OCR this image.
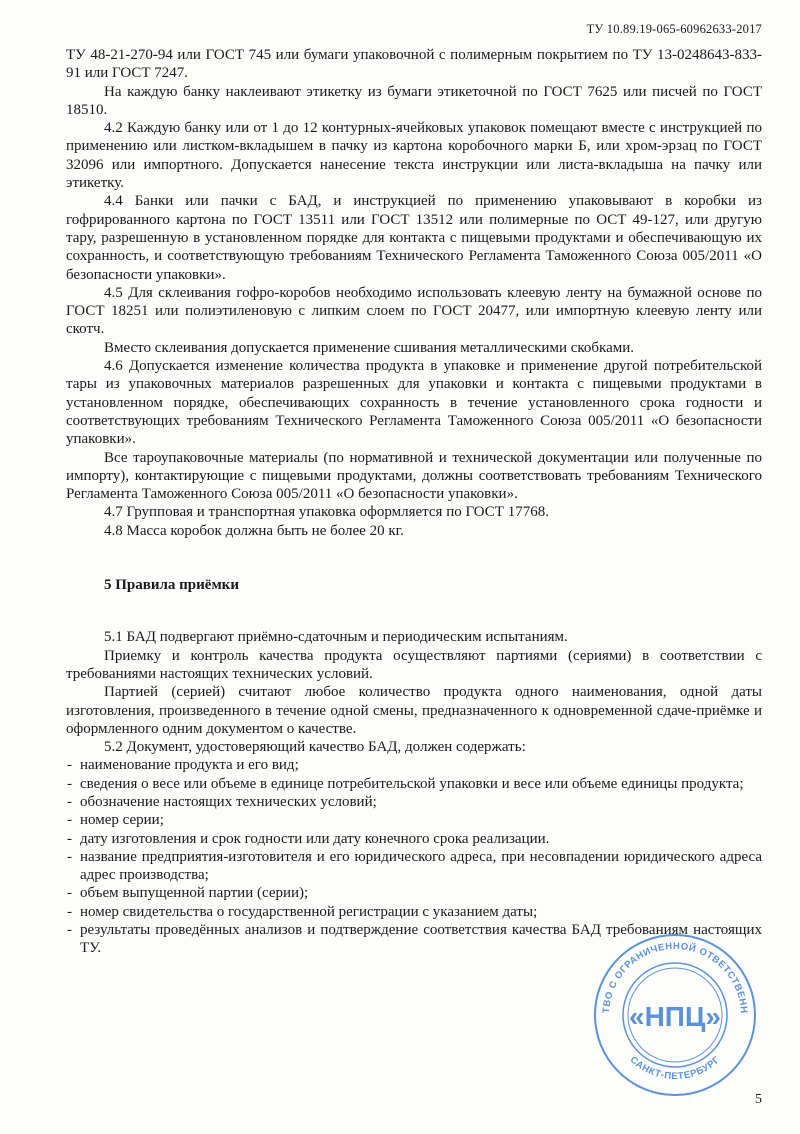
ТУ 10.89.19-065-60962633-2017

ТУ 48-21-270-94 или ГОСТ 745 или бумаги упаковочной с полимерным покрытием по ТУ 13-0248643-833-91 или ГОСТ 7247.

На каждую банку наклеивают этикетку из бумаги этикеточной по ГОСТ 7625 или писчей по ГОСТ 18510.

4.2 Каждую банку или от 1 до 12 контурных-ячейковых упаковок помещают вместе с инструкцией по применению или листком-вкладышем в пачку из картона коробочного марки Б, или хром-эрзац по ГОСТ 32096 или импортного. Допускается нанесение текста инструкции или листа-вкладыша на пачку или этикетку.

4.4 Банки или пачки с БАД, и инструкцией по применению упаковывают в коробки из гофрированного картона по ГОСТ 13511 или ГОСТ 13512 или полимерные по ОСТ 49-127, или другую тару, разрешенную в установленном порядке для контакта с пищевыми продуктами и обеспечивающую их сохранность, и соответствующую требованиям Технического Регламента Таможенного Союза 005/2011 «О безопасности упаковки».

4.5 Для склеивания гофро-коробов необходимо использовать клеевую ленту на бумажной основе по ГОСТ 18251 или полиэтиленовую с липким слоем по ГОСТ 20477, или импортную клеевую ленту или скотч.

Вместо склеивания допускается применение сшивания металлическими скобками.

4.6 Допускается изменение количества продукта в упаковке и применение другой потребительской тары из упаковочных материалов разрешенных для упаковки и контакта с пищевыми продуктами в установленном порядке, обеспечивающих сохранность в течение установленного срока годности и соответствующих требованиям Технического Регламента Таможенного Союза 005/2011 «О безопасности упаковки».

Все тароупаковочные материалы (по нормативной и технической документации или полученные по импорту), контактирующие с пищевыми продуктами, должны соответствовать требованиям Технического Регламента Таможенного Союза 005/2011 «О безопасности упаковки».

4.7 Групповая и транспортная упаковка оформляется по ГОСТ 17768.

4.8 Масса коробок должна быть не более 20 кг.

5 Правила приёмки

5.1 БАД подвергают приёмно-сдаточным и периодическим испытаниям.

Приемку и контроль качества продукта осуществляют партиями (сериями) в соответствии с требованиями настоящих технических условий.

Партией (серией) считают любое количество продукта одного наименования, одной даты изготовления, произведенного в течение одной смены, предназначенного к одновременной сдаче-приёмке и оформленного одним документом о качестве.

5.2 Документ, удостоверяющий качество БАД, должен содержать:

- наименование продукта и его вид;
- сведения о весе или объеме в единице потребительской упаковки и весе или объеме единицы продукта;
- обозначение настоящих технических условий;
- номер серии;
- дату изготовления и срок годности или дату конечного срока реализации.
- название предприятия-изготовителя и его юридического адреса, при несовпадении юридического адреса адрес производства;
- объем выпущенной партии (серии);
- номер свидетельства о государственной регистрации с указанием даты;
- результаты проведённых анализов и подтверждение соответствия качества БАД требованиям настоящих ТУ.
ТВО С ОГРАНИЧЕННОЙ ОТВЕТСТВЕНН
САНКТ-ПЕТЕРБУРГ
«НПЦ»
5
